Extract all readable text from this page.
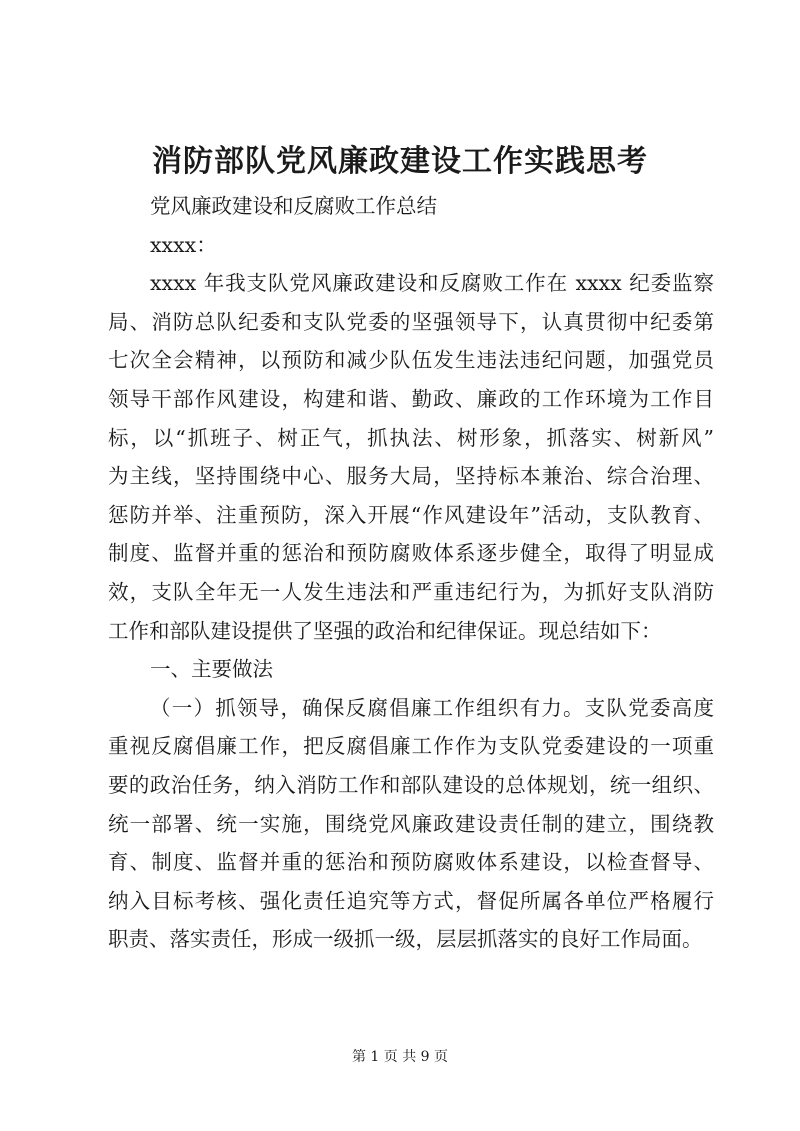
消防部队党风廉政建设工作实践思考
党风廉政建设和反腐败工作总结
xxxx：
xxxx 年我支队党风廉政建设和反腐败工作在 xxxx 纪委监察
局、消防总队纪委和支队党委的坚强领导下，认真贯彻中纪委第
七次全会精神，以预防和减少队伍发生违法违纪问题，加强党员
领导干部作风建设，构建和谐、勤政、廉政的工作环境为工作目
标，以“抓班子、树正气，抓执法、树形象，抓落实、树新风”
为主线，坚持围绕中心、服务大局，坚持标本兼治、综合治理、
惩防并举、注重预防，深入开展“作风建设年”活动，支队教育、
制度、监督并重的惩治和预防腐败体系逐步健全，取得了明显成
效，支队全年无一人发生违法和严重违纪行为，为抓好支队消防
工作和部队建设提供了坚强的政治和纪律保证。现总结如下：
一、主要做法
（一）抓领导，确保反腐倡廉工作组织有力。支队党委高度
重视反腐倡廉工作，把反腐倡廉工作作为支队党委建设的一项重
要的政治任务，纳入消防工作和部队建设的总体规划，统一组织、
统一部署、统一实施，围绕党风廉政建设责任制的建立，围绕教
育、制度、监督并重的惩治和预防腐败体系建设，以检查督导、
纳入目标考核、强化责任追究等方式，督促所属各单位严格履行
职责、落实责任，形成一级抓一级，层层抓落实的良好工作局面。
第 1 页 共 9 页
